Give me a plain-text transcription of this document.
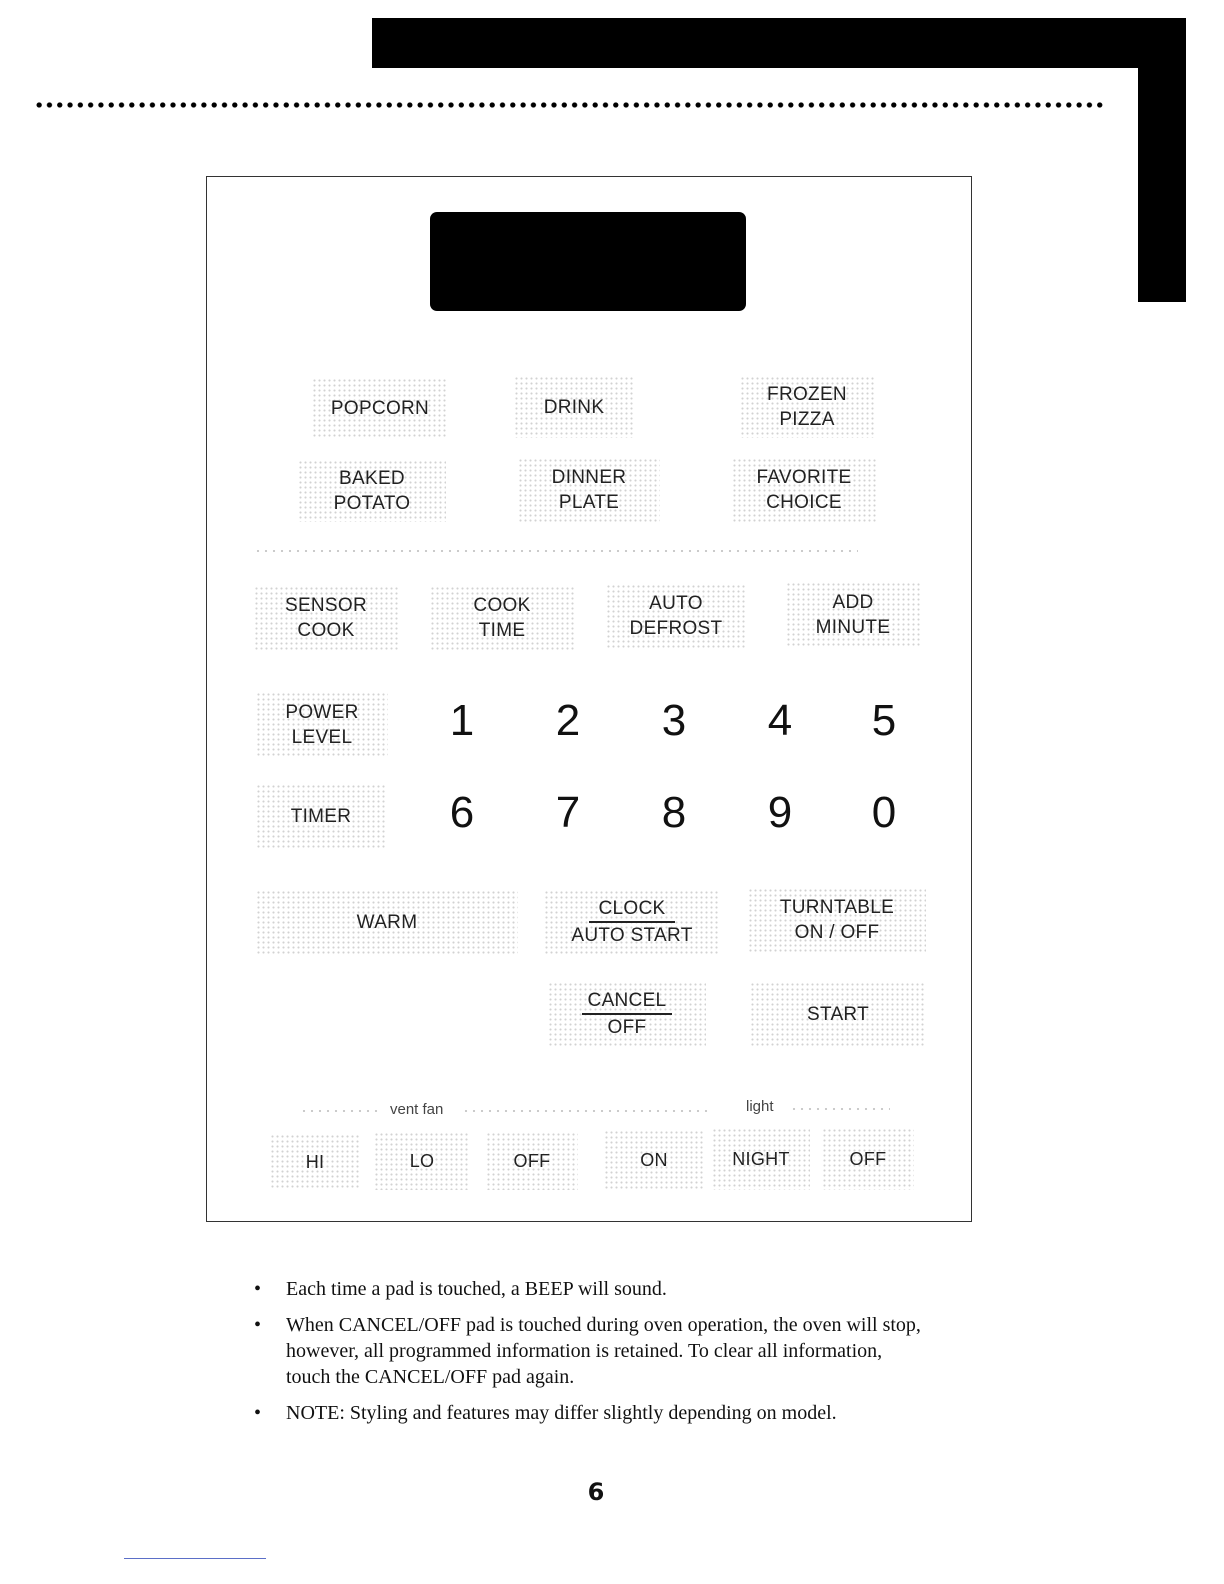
POPCORN	DRINK
FROZEN
PIZZA
BAKED
POTATO
DINNER
PLATE
FAVORITE
CHOICE
SENSOR
COOK
COOK
TIME
AUTO
DEFROST
ADD
MINUTE
POWER
LEVEL	1	2	3	4	5
TIMER	6	7	8	9	0
WARM
CLOCK
AUTO START
TURNTABLE
ON / OFF
CANCEL
OFF
START
vent fan	light
HI	LO	OFF	ON	NIGHT	OFF
• Each time a pad is touched, a BEEP will sound.
• When CANCEL/OFF pad is touched during oven operation, the oven will stop, however, all programmed information is retained. To clear all information, touch the CANCEL/OFF pad again.
• NOTE: Styling and features may differ slightly depending on model.
6
